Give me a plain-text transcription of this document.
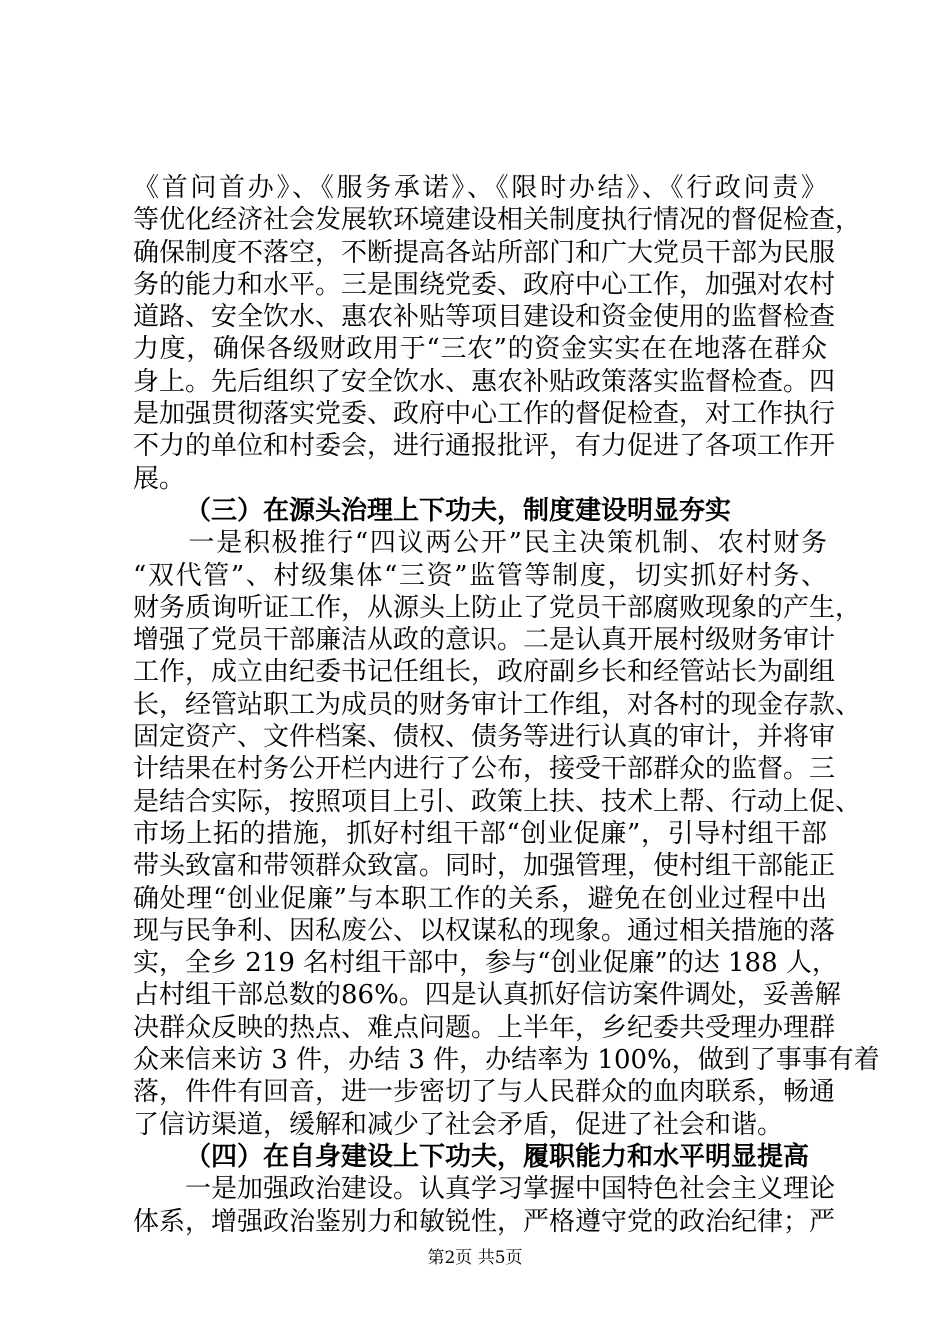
《首问首办》、《服务承诺》、《限时办结》、《行政问责》
等优化经济社会发展软环境建设相关制度执行情况的督促检查，
确保制度不落空，不断提高各站所部门和广大党员干部为民服
务的能力和水平。三是围绕党委、政府中心工作，加强对农村
道路、安全饮水、惠农补贴等项目建设和资金使用的监督检查
力度，确保各级财政用于“三农”的资金实实在在地落在群众
身上。先后组织了安全饮水、惠农补贴政策落实监督检查。四
是加强贯彻落实党委、政府中心工作的督促检查，对工作执行
不力的单位和村委会，进行通报批评，有力促进了各项工作开
展。
（三）在源头治理上下功夫，制度建设明显夯实
　　一是积极推行“四议两公开”民主决策机制、农村财务
“双代管”、村级集体“三资”监管等制度，切实抓好村务、
财务质询听证工作，从源头上防止了党员干部腐败现象的产生，
增强了党员干部廉洁从政的意识。二是认真开展村级财务审计
工作，成立由纪委书记任组长，政府副乡长和经管站长为副组
长，经管站职工为成员的财务审计工作组，对各村的现金存款、
固定资产、文件档案、债权、债务等进行认真的审计，并将审
计结果在村务公开栏内进行了公布，接受干部群众的监督。三
是结合实际，按照项目上引、政策上扶、技术上帮、行动上促、
市场上拓的措施，抓好村组干部“创业促廉”，引导村组干部
带头致富和带领群众致富。同时，加强管理，使村组干部能正
确处理“创业促廉”与本职工作的关系，避免在创业过程中出
现与民争利、因私废公、以权谋私的现象。通过相关措施的落
实，全乡 219 名村组干部中，参与“创业促廉”的达 188 人，
占村组干部总数的86%。四是认真抓好信访案件调处，妥善解
决群众反映的热点、难点问题。上半年，乡纪委共受理办理群
众来信来访 3 件，办结 3 件，办结率为 100%，做到了事事有着
落，件件有回音，进一步密切了与人民群众的血肉联系，畅通
了信访渠道，缓解和减少了社会矛盾，促进了社会和谐。
（四）在自身建设上下功夫，履职能力和水平明显提高
　　一是加强政治建设。认真学习掌握中国特色社会主义理论
体系，增强政治鉴别力和敏锐性，严格遵守党的政治纪律；严
第2页 共5页
